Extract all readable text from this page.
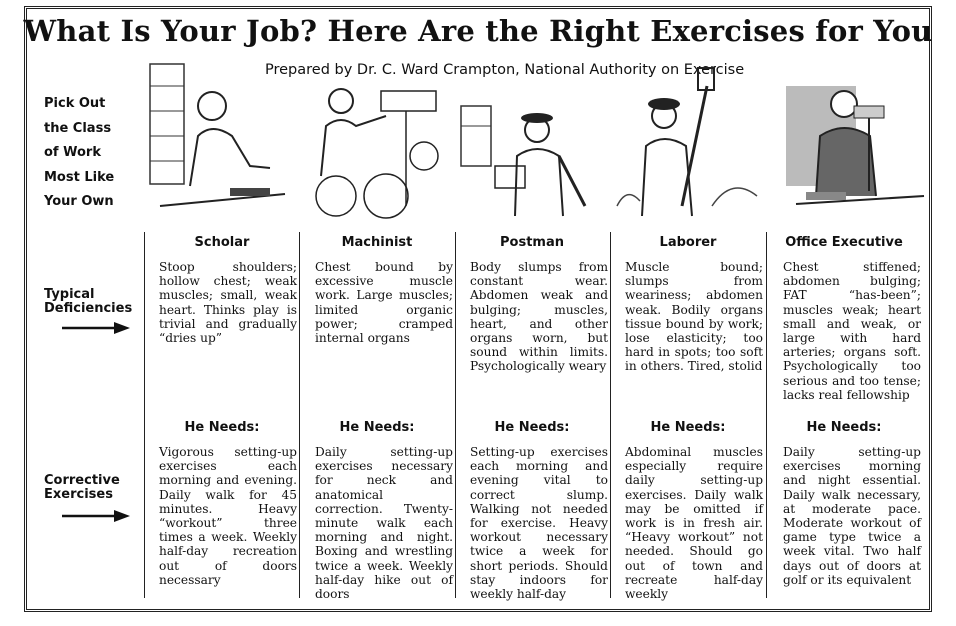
What Is Your Job? Here Are the Right Exercises for You
Prepared by Dr. C. Ward Crampton, National Authority on Exercise
Pick Out
the Class
of Work
Most Like
Your Own
Typical
Deficiencies
Corrective
Exercises
Scholar
Stoop shoulders; hollow chest; weak muscles; small, weak heart. Thinks play is trivial and gradually “dries up”
He Needs:
Vigorous setting-up exercises each morning and evening. Daily walk for 45 minutes. Heavy “workout” three times a week. Weekly half-day recreation out of doors necessary
Machinist
Chest bound by excessive muscle work. Large muscles; limited organic power; cramped internal organs
He Needs:
Daily setting-up exercises necessary for neck and anatomical correction. Twenty-minute walk each morning and night. Boxing and wrestling twice a week. Weekly half-day hike out of doors
Postman
Body slumps from constant wear. Abdomen weak and bulging; muscles, heart, and other organs worn, but sound within limits. Psychologically weary
He Needs:
Setting-up exercises each morning and evening vital to correct slump. Walking not needed for exercise. Heavy workout necessary twice a week for short periods. Should stay indoors for weekly half-day
Laborer
Muscle bound; slumps from weariness; abdomen weak. Bodily organs tissue bound by work; lose elasticity; too hard in spots; too soft in others. Tired, stolid
He Needs:
Abdominal muscles especially require daily setting-up exercises. Daily walk may be omitted if work is in fresh air. “Heavy workout” not needed. Should go out of town and recreate half-day weekly
Office Executive
Chest stiffened; abdomen bulging; FAT “has-been”; muscles weak; heart small and weak, or large with hard arteries; organs soft. Psychologically too serious and too tense; lacks real fellowship
He Needs:
Daily setting-up exercises morning and night essential. Daily walk necessary, at moderate pace. Moderate workout of game type twice a week vital. Two half days out of doors at golf or its equivalent
